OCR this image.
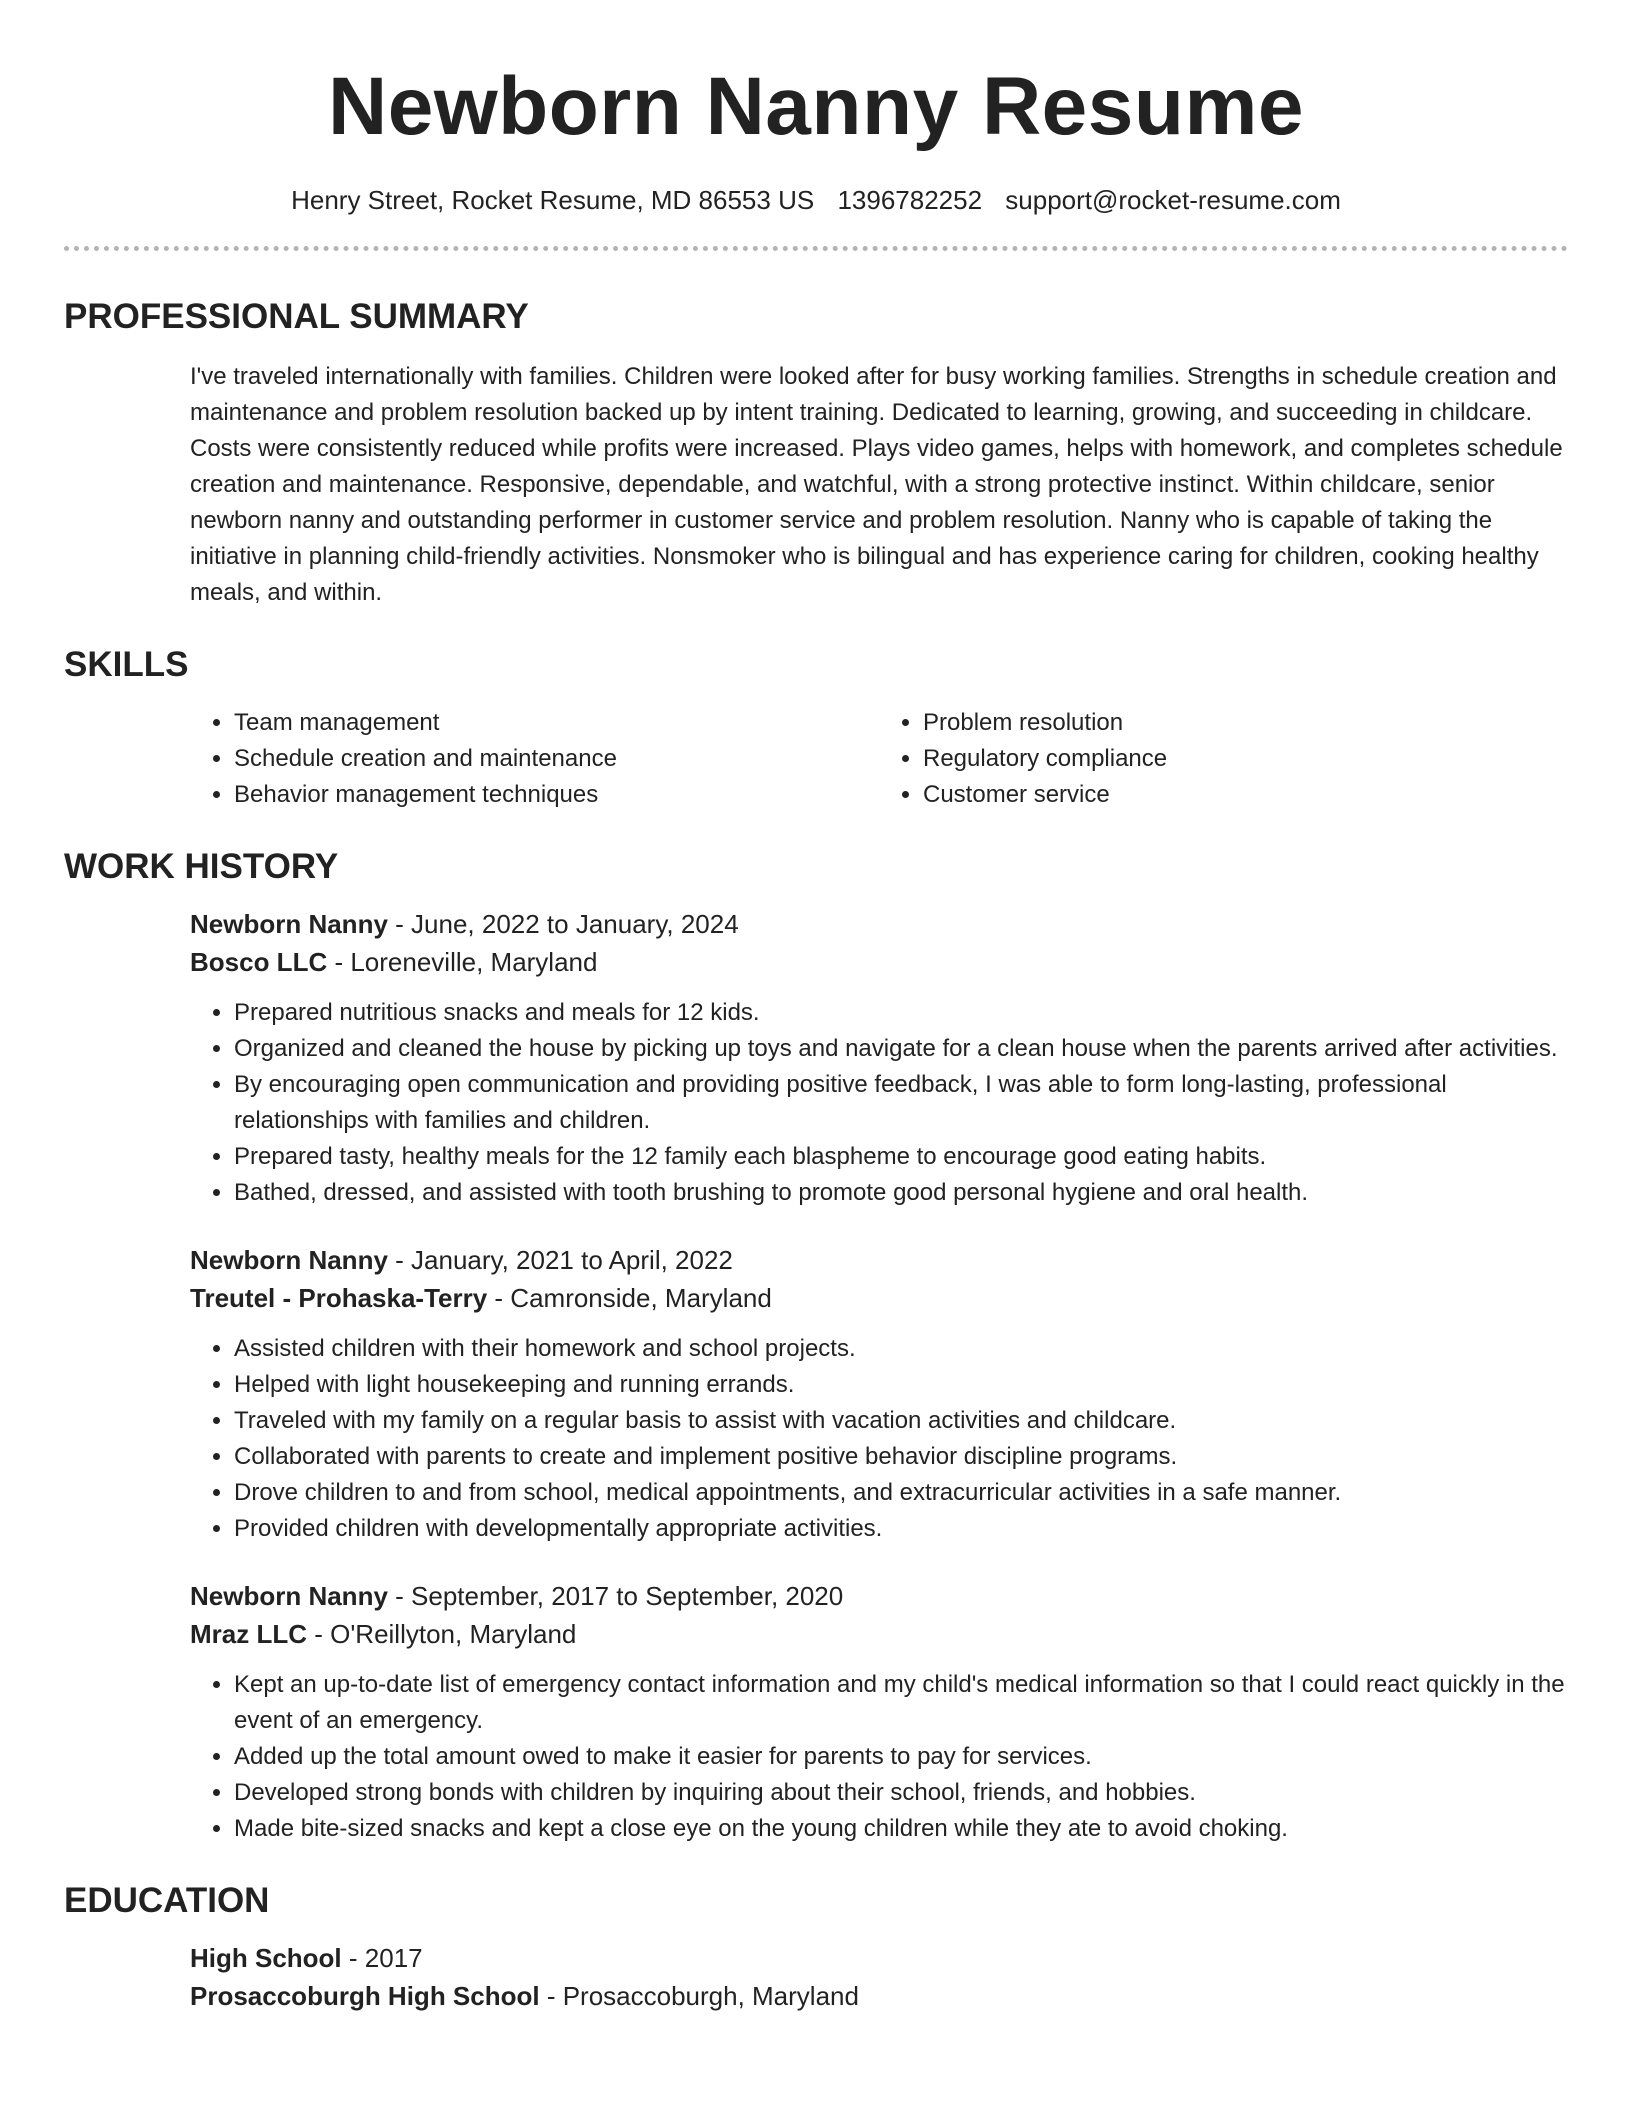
Newborn Nanny Resume
Henry Street, Rocket Resume, MD 86553 US 1396782252 support@rocket-resume.com
PROFESSIONAL SUMMARY

I've traveled internationally with families. Children were looked after for busy working families. Strengths in schedule creation and maintenance and problem resolution backed up by intent training. Dedicated to learning, growing, and succeeding in childcare. Costs were consistently reduced while profits were increased. Plays video games, helps with homework, and completes schedule creation and maintenance. Responsive, dependable, and watchful, with a strong protective instinct. Within childcare, senior newborn nanny and outstanding performer in customer service and problem resolution. Nanny who is capable of taking the initiative in planning child-friendly activities. Nonsmoker who is bilingual and has experience caring for children, cooking healthy meals, and within.

SKILLS
• Team management
• Schedule creation and maintenance
• Behavior management techniques
• Problem resolution
• Regulatory compliance
• Customer service
WORK HISTORY
Newborn Nanny - June, 2022 to January, 2024
Bosco LLC - Loreneville, Maryland
• Prepared nutritious snacks and meals for 12 kids.
• Organized and cleaned the house by picking up toys and navigate for a clean house when the parents arrived after activities.
• By encouraging open communication and providing positive feedback, I was able to form long-lasting, professional relationships with families and children.
• Prepared tasty, healthy meals for the 12 family each blaspheme to encourage good eating habits.
• Bathed, dressed, and assisted with tooth brushing to promote good personal hygiene and oral health.
Newborn Nanny - January, 2021 to April, 2022
Treutel - Prohaska-Terry - Camronside, Maryland
• Assisted children with their homework and school projects.
• Helped with light housekeeping and running errands.
• Traveled with my family on a regular basis to assist with vacation activities and childcare.
• Collaborated with parents to create and implement positive behavior discipline programs.
• Drove children to and from school, medical appointments, and extracurricular activities in a safe manner.
• Provided children with developmentally appropriate activities.
Newborn Nanny - September, 2017 to September, 2020
Mraz LLC - O'Reillyton, Maryland
• Kept an up-to-date list of emergency contact information and my child's medical information so that I could react quickly in the event of an emergency.
• Added up the total amount owed to make it easier for parents to pay for services.
• Developed strong bonds with children by inquiring about their school, friends, and hobbies.
• Made bite-sized snacks and kept a close eye on the young children while they ate to avoid choking.
EDUCATION
High School - 2017
Prosaccoburgh High School - Prosaccoburgh, Maryland
